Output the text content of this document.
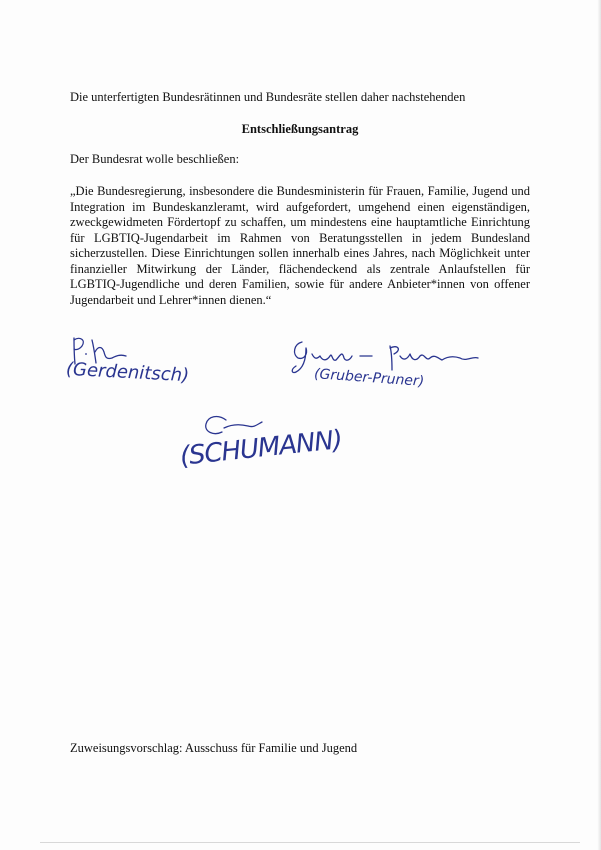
Die unterfertigten Bundesrätinnen und Bundesräte stellen daher nachstehenden

Entschließungsantrag

Der Bundesrat wolle beschließen:

„Die Bundesregierung, insbesondere die Bundesministerin für Frauen, Familie, Jugend und Integration im Bundeskanzleramt, wird aufgefordert, umgehend einen eigenständigen, zweckgewidmeten Fördertopf zu schaffen, um mindestens eine hauptamtliche Einrichtung für LGBTIQ-Jugendarbeit im Rahmen von Beratungsstellen in jedem Bundesland sicherzustellen. Diese Einrichtungen sollen innerhalb eines Jahres, nach Möglichkeit unter finanzieller Mitwirkung der Länder, flächendeckend als zentrale Anlaufstellen für LGBTIQ-Jugendliche und deren Familien, sowie für andere Anbieter*innen von offener Jugendarbeit und Lehrer*innen dienen.“

(Gerdenitsch)	(Gruber-Pruner)
(SCHUMANN)

Zuweisungsvorschlag: Ausschuss für Familie und Jugend
